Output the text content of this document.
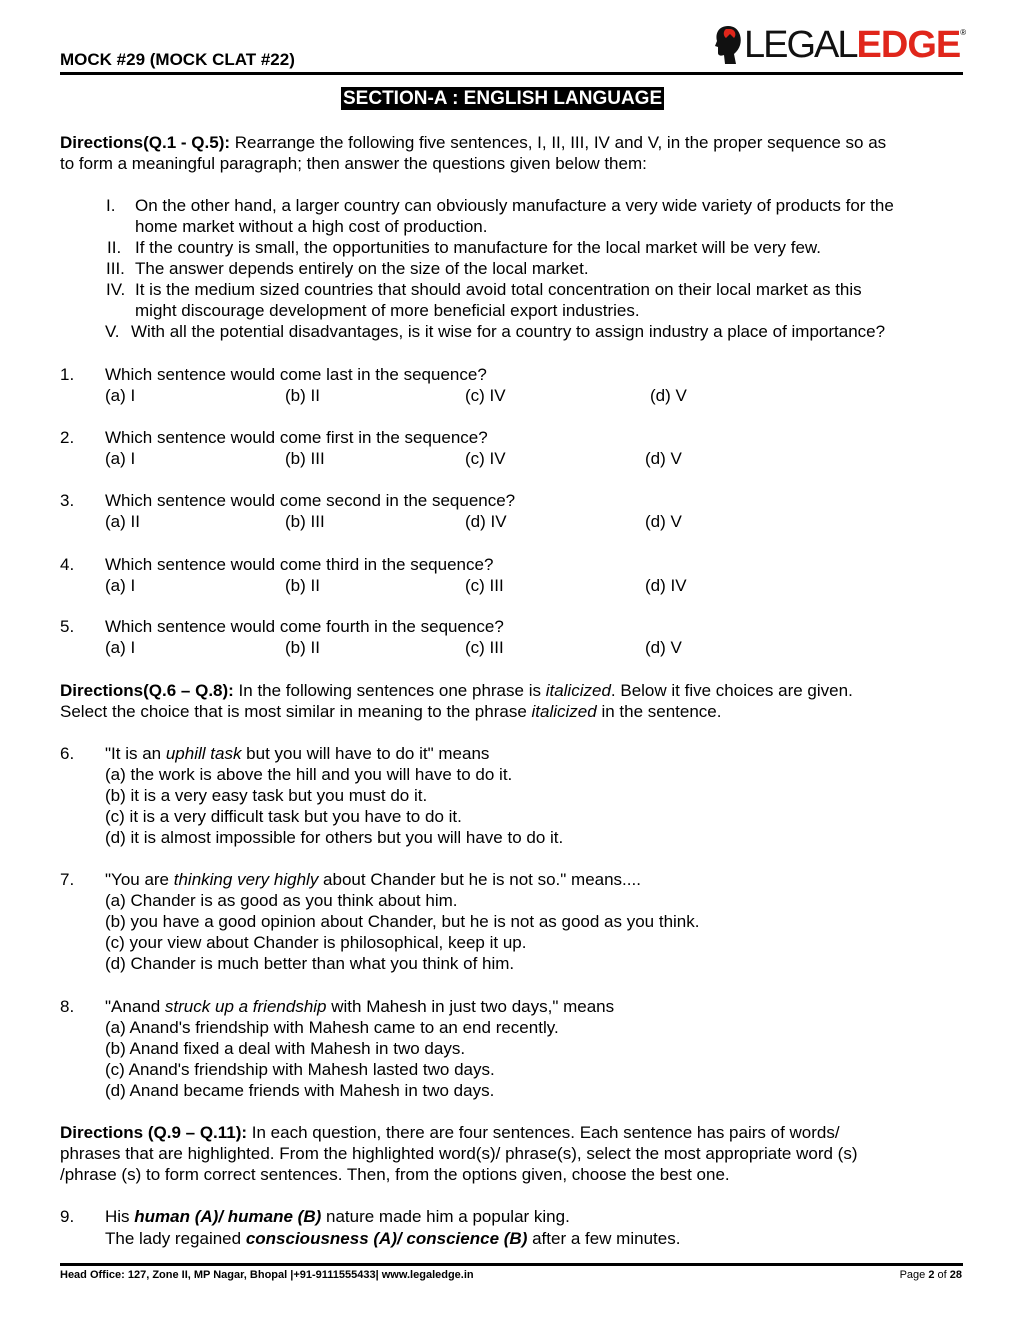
MOCK #29 (MOCK CLAT #22)	LEGAL EDGE ®
SECTION-A : ENGLISH LANGUAGE
Directions(Q.1 - Q.5): Rearrange the following five sentences, I, II, III, IV and V, in the proper sequence so as
to form a meaningful paragraph; then answer the questions given below them:
I. On the other hand, a larger country can obviously manufacture a very wide variety of products for the
home market without a high cost of production.
II. If the country is small, the opportunities to manufacture for the local market will be very few.
III. The answer depends entirely on the size of the local market.
IV. It is the medium sized countries that should avoid total concentration on their local market as this
might discourage development of more beneficial export industries.
V. With all the potential disadvantages, is it wise for a country to assign industry a place of importance?
1. Which sentence would come last in the sequence?
(a) I	(b) II	(c) IV	(d) V
2. Which sentence would come first in the sequence?
(a) I	(b) III	(c) IV	(d) V
3. Which sentence would come second in the sequence?
(a) II	(b) III	(d) IV	(d) V
4. Which sentence would come third in the sequence?
(a) I	(b) II	(c) III	(d) IV
5. Which sentence would come fourth in the sequence?
(a) I	(b) II	(c) III	(d) V
Directions(Q.6 – Q.8): In the following sentences one phrase is italicized. Below it five choices are given.
Select the choice that is most similar in meaning to the phrase italicized in the sentence.
6. "It is an uphill task but you will have to do it" means
(a) the work is above the hill and you will have to do it.
(b) it is a very easy task but you must do it.
(c) it is a very difficult task but you have to do it.
(d) it is almost impossible for others but you will have to do it.
7. "You are thinking very highly about Chander but he is not so." means....
(a) Chander is as good as you think about him.
(b) you have a good opinion about Chander, but he is not as good as you think.
(c) your view about Chander is philosophical, keep it up.
(d) Chander is much better than what you think of him.
8. "Anand struck up a friendship with Mahesh in just two days," means
(a) Anand's friendship with Mahesh came to an end recently.
(b) Anand fixed a deal with Mahesh in two days.
(c) Anand's friendship with Mahesh lasted two days.
(d) Anand became friends with Mahesh in two days.
Directions (Q.9 – Q.11): In each question, there are four sentences. Each sentence has pairs of words/
phrases that are highlighted. From the highlighted word(s)/ phrase(s), select the most appropriate word (s)
/phrase (s) to form correct sentences. Then, from the options given, choose the best one.
9. His human (A)/ humane (B) nature made him a popular king.
The lady regained consciousness (A)/ conscience (B) after a few minutes.
Head Office: 127, Zone II, MP Nagar, Bhopal |+91-9111555433| www.legaledge.in	Page 2 of 28
